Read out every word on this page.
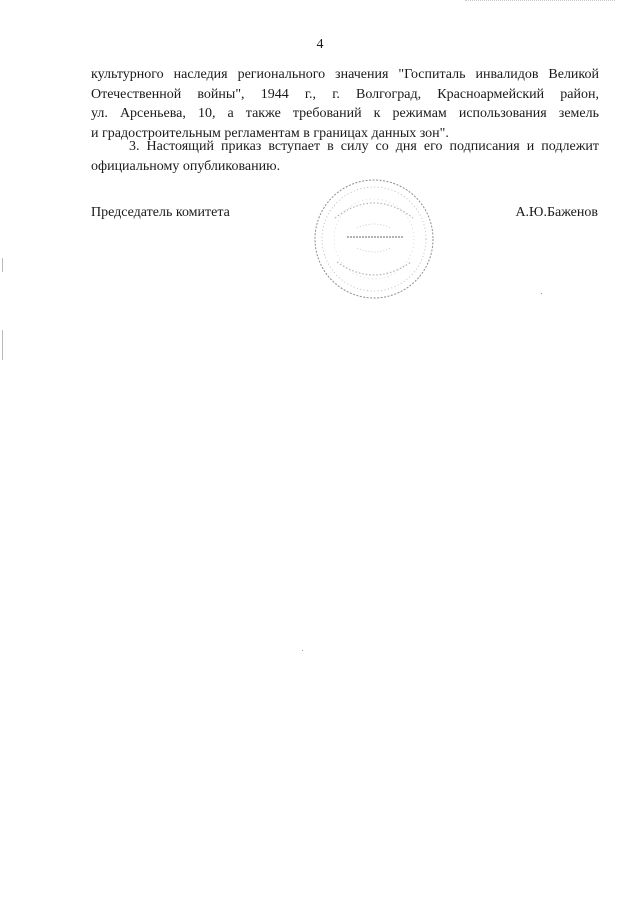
4

культурного наследия регионального значения "Госпиталь инвалидов Великой
Отечественной войны", 1944 г., г. Волгоград, Красноармейский район,
ул. Арсеньева, 10, а также требований к режимам использования земель
и градостроительным регламентам в границах данных зон".

3. Настоящий приказ вступает в силу со дня его подписания и подлежит
официальному опубликованию.

Председатель комитета	А.Ю.Баженов
